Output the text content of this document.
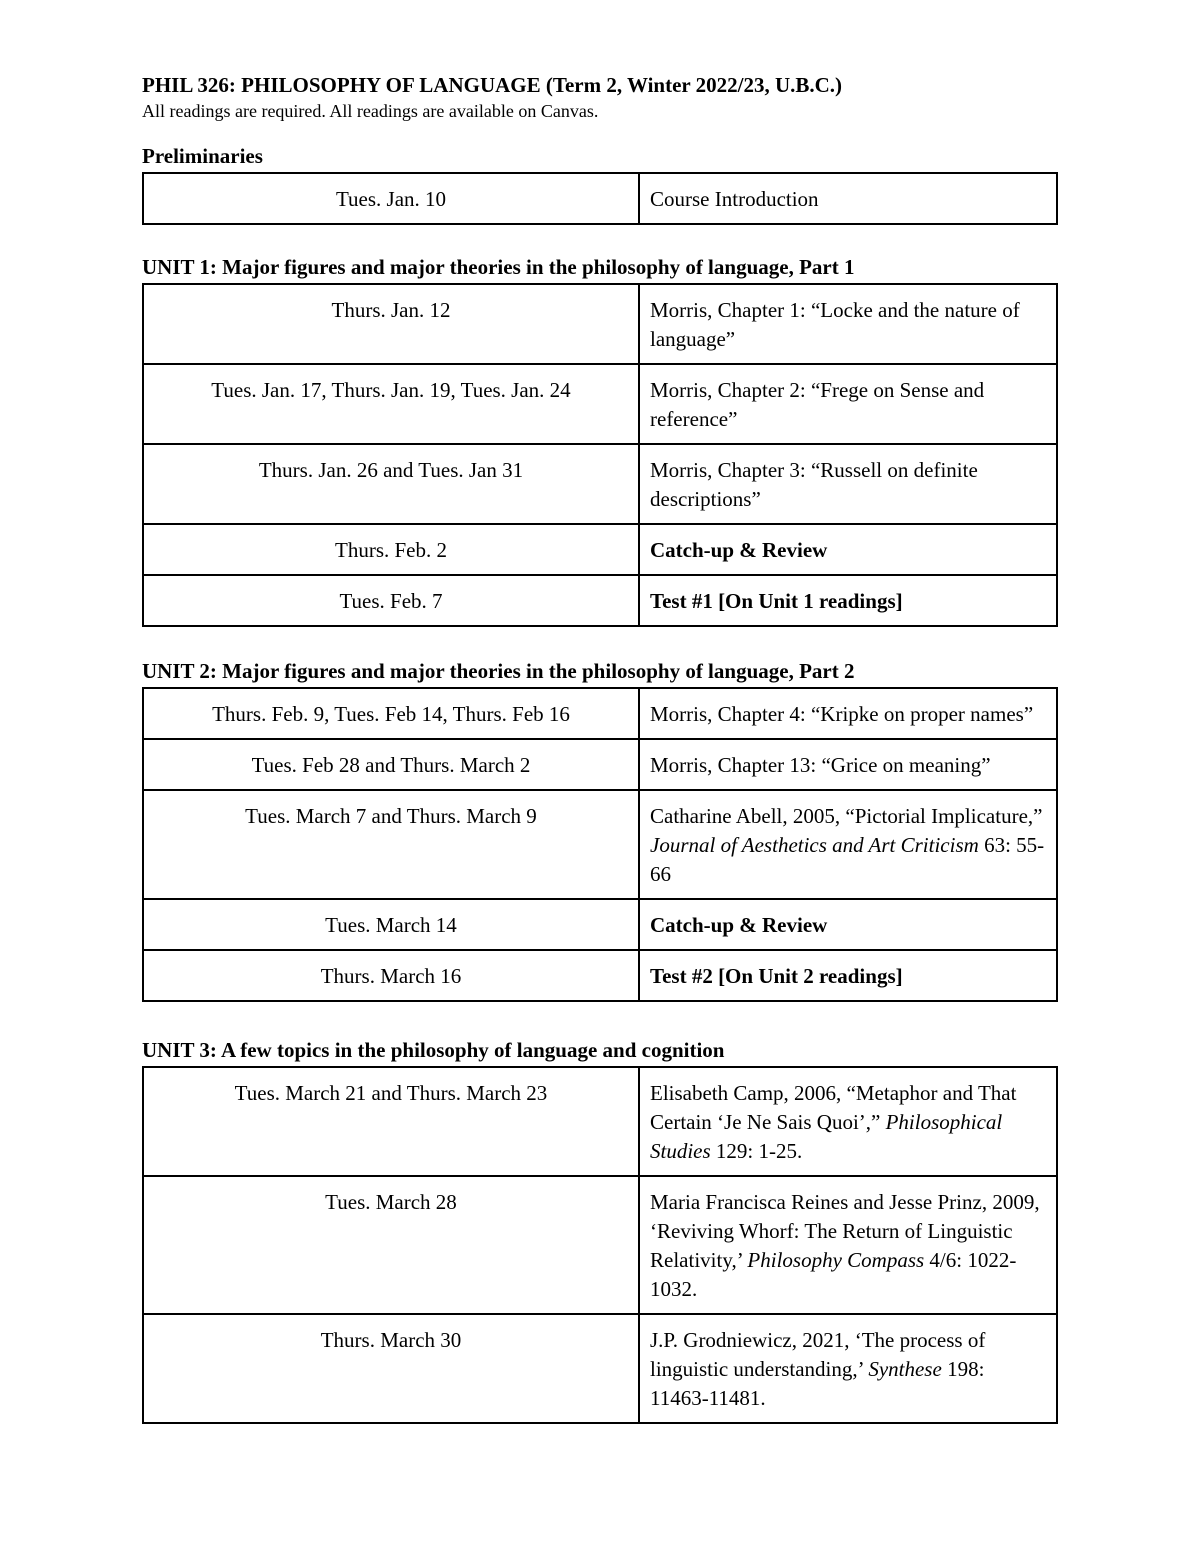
PHIL 326: PHILOSOPHY OF LANGUAGE (Term 2, Winter 2022/23, U.B.C.)

All readings are required. All readings are available on Canvas.

Preliminaries

Tues. Jan. 10	Course Introduction

UNIT 1: Major figures and major theories in the philosophy of language, Part 1

Thurs. Jan. 12	Morris, Chapter 1: “Locke and the nature of language”
Tues. Jan. 17, Thurs. Jan. 19, Tues. Jan. 24	Morris, Chapter 2: “Frege on Sense and reference”
Thurs. Jan. 26 and Tues. Jan 31	Morris, Chapter 3: “Russell on definite descriptions”
Thurs. Feb. 2	Catch-up & Review
Tues. Feb. 7	Test #1 [On Unit 1 readings]

UNIT 2: Major figures and major theories in the philosophy of language, Part 2

Thurs. Feb. 9, Tues. Feb 14, Thurs. Feb 16	Morris, Chapter 4: “Kripke on proper names”
Tues. Feb 28 and Thurs. March 2	Morris, Chapter 13: “Grice on meaning”
Tues. March 7 and Thurs. March 9	Catharine Abell, 2005, “Pictorial Implicature,” Journal of Aesthetics and Art Criticism 63: 55-66
Tues. March 14	Catch-up & Review
Thurs. March 16	Test #2 [On Unit 2 readings]

UNIT 3: A few topics in the philosophy of language and cognition

Tues. March 21 and Thurs. March 23	Elisabeth Camp, 2006, “Metaphor and That Certain ‘Je Ne Sais Quoi’,” Philosophical Studies 129: 1-25.
Tues. March 28	Maria Francisca Reines and Jesse Prinz, 2009, ‘Reviving Whorf: The Return of Linguistic Relativity,’ Philosophy Compass 4/6: 1022-1032.
Thurs. March 30	J.P. Grodniewicz, 2021, ‘The process of linguistic understanding,’ Synthese 198: 11463-11481.
